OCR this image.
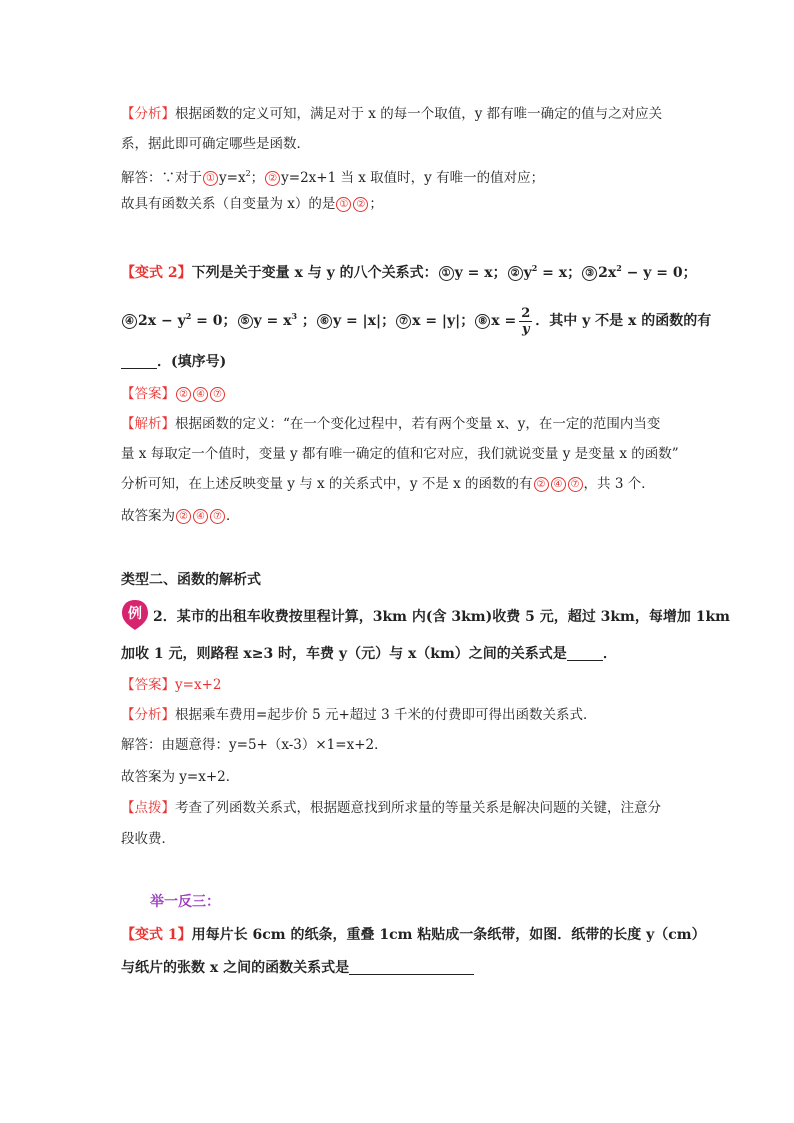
【分析】根据函数的定义可知，满足对于 x 的每一个取值，y 都有唯一确定的值与之对应关
系，据此即可确定哪些是函数．
解答：∵对于 ① $y=x^2$； ② y=2x+1 当 x 取值时，y 有唯一的值对应；
故具有函数关系（自变量为 x）的是 ① ② ；
【变式 2】下列是关于变量 x 与 y 的八个关系式： ① y = x； ② $y^2 = x$； ③ $2x^2 - y = 0$；
④ $2x - y^2 = 0$； ⑤ $y = x^3$ ； ⑥ y = |x|； ⑦ x = |y|； ⑧ $x = \frac{2}{y}$ ．其中 y 不是 x 的函数的有
．(填序号)
【答案】 ② ④ ⑦
【解析】根据函数的定义：“在一个变化过程中，若有两个变量 x、y，在一定的范围内当变
量 x 每取定一个值时，变量 y 都有唯一确定的值和它对应，我们就说变量 y 是变量 x 的函数”
分析可知，在上述反映变量 y 与 x 的关系式中，y 不是 x 的函数的有 ② ④ ⑦ ，共 3 个．
故答案为 ② ④ ⑦ ．
类型二、函数的解析式
例 2．某市的出租车收费按里程计算，3km 内(含 3km)收费 5 元，超过 3km，每增加 1km
加收 1 元，则路程 x≥3 时，车费 y（元）与 x（km）之间的关系式是	．
【答案】y=x+2
【分析】根据乘车费用=起步价 5 元+超过 3 千米的付费即可得出函数关系式．
解答：由题意得：y=5+（x-3）×1=x+2．
故答案为 y=x+2．
【点拨】考查了列函数关系式，根据题意找到所求量的等量关系是解决问题的关键，注意分
段收费．
举一反三：
【变式 1】用每片长 6cm 的纸条，重叠 1cm 粘贴成一条纸带，如图．纸带的长度 y（cm）
与纸片的张数 x 之间的函数关系式是
